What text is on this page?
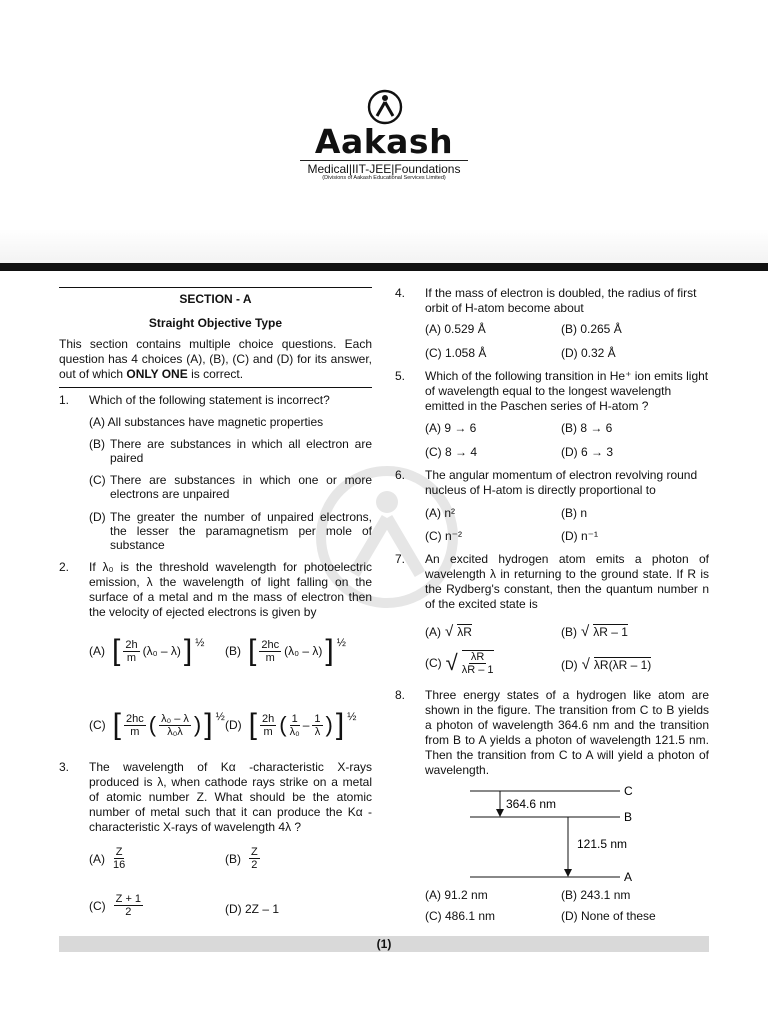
Aakash
Medical|IIT-JEE|Foundations
(Divisions of Aakash Educational Services Limited)
SECTION - A
Straight Objective Type
This section contains multiple choice questions. Each question has 4 choices (A), (B), (C) and (D) for its answer, out of which ONLY ONE is correct.
1. Which of the following statement is incorrect?
(A) All substances have magnetic properties
(B) There are substances in which all electron are paired
(C) There are substances in which one or more electrons are unpaired
(D) The greater the number of unpaired electrons, the lesser the paramagnetism per mole of substance
2. If λ₀ is the threshold wavelength for photoelectric emission, λ the wavelength of light falling on the surface of a metal and m the mass of electron then the velocity of ejected electrons is given by
(A) [ $\frac{2h}{m} (\lambda_0 - \lambda)$ ] ½
(B) [ $\frac{2hc}{m} (\lambda_0 - \lambda)$ ] ½
(C) [ $\frac{2hc}{m}$ ( $\frac{\text{λ₀ – λ}}{\text{λ₀λ}}$ ) ] ½
(D) [ $\frac{2h}{m}$ ( $\frac{1}{\text{λ₀}} - \frac{1}{\lambda}$ ) ] ½
3. The wavelength of Kα -characteristic X-rays produced is λ, when cathode rays strike on a metal of atomic number Z. What should be the atomic number of metal such that it can produce the Kα -characteristic X-rays of wavelength 4λ ?
$(A) \frac{Z}{16}$	$(B) \frac{Z}{2}$
$(C) \frac{Z + 1}{2}$	(D) 2Z – 1
4. If the mass of electron is doubled, the radius of first orbit of H-atom become about
(A) 0.529 Å	(B) 0.265 Å
(C) 1.058 Å	(D) 0.32 Å
5. Which of the following transition in He⁺ ion emits light of wavelength equal to the longest wavelength emitted in the Paschen series of H-atom ?
(A) 9 → 6	(B) 8 → 6
(C) 8 → 4	(D) 6 → 3
6. The angular momentum of electron revolving round nucleus of H-atom is directly proportional to
(A) n²	(B) n
(C) n⁻²	(D) n⁻¹
7. An excited hydrogen atom emits a photon of wavelength λ in returning to the ground state. If R is the Rydberg's constant, then the quantum number n of the excited state is
(A) √ λR	(B) √ λR – 1
(C) √ $\frac{\lambda R}{\lambda R - 1}$	(D) √ λR(λR – 1)
8. Three energy states of a hydrogen like atom are shown in the figure. The transition from C to B yields a photon of wavelength 364.6 nm and the transition from B to A yields a photon of wavelength 121.5 nm. Then the transition from C to A will yield a photon of wavelength.
C
B
A
364.6 nm
121.5 nm
(A) 91.2 nm	(B) 243.1 nm
(C) 486.1 nm	(D) None of these
(1)
